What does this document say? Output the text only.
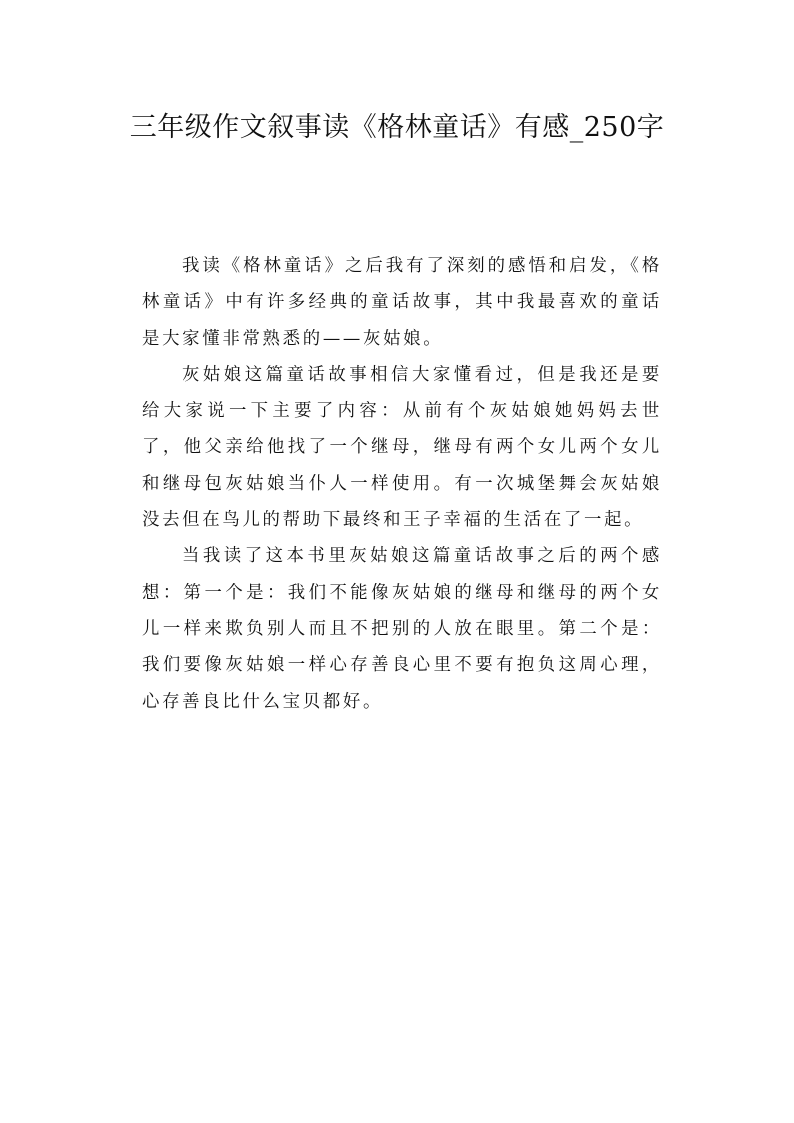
三年级作文叙事读《格林童话》有感_250字

我读《格林童话》之后我有了深刻的感悟和启发，《格林童话》中有许多经典的童话故事，其中我最喜欢的童话是大家懂非常熟悉的——灰姑娘。

灰姑娘这篇童话故事相信大家懂看过，但是我还是要给大家说一下主要了内容：从前有个灰姑娘她妈妈去世了，他父亲给他找了一个继母，继母有两个女儿两个女儿和继母包灰姑娘当仆人一样使用。有一次城堡舞会灰姑娘没去但在鸟儿的帮助下最终和王子幸福的生活在了一起。

当我读了这本书里灰姑娘这篇童话故事之后的两个感想：第一个是：我们不能像灰姑娘的继母和继母的两个女儿一样来欺负别人而且不把别的人放在眼里。第二个是：我们要像灰姑娘一样心存善良心里不要有抱负这周心理，心存善良比什么宝贝都好。
